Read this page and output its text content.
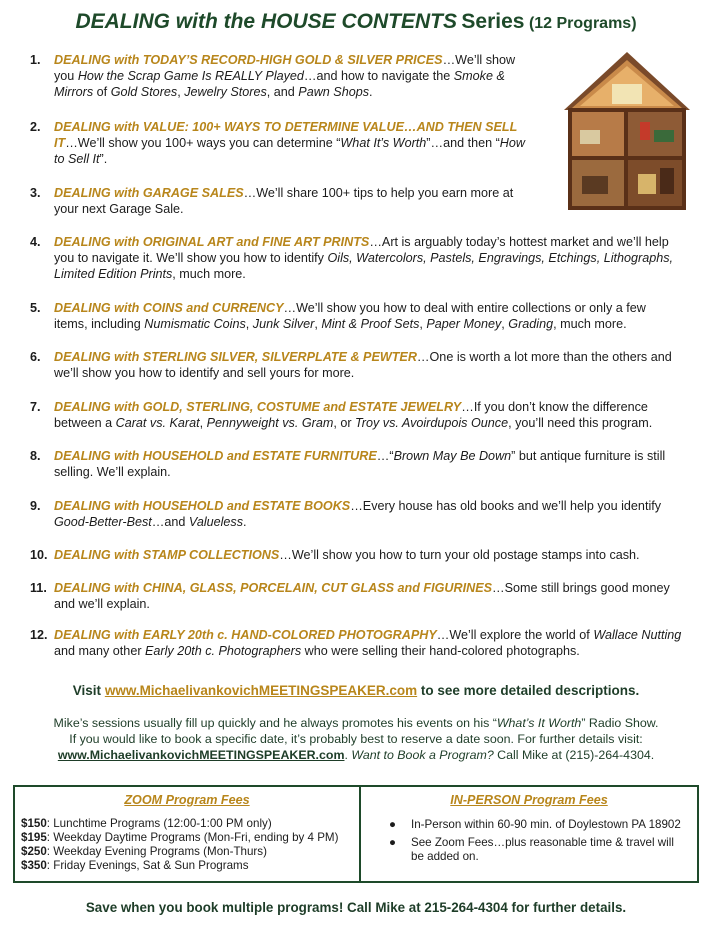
DEALING with the HOUSE CONTENTS Series (12 Programs)
1. DEALING with TODAY’S RECORD-HIGH GOLD & SILVER PRICES…We’ll show you How the Scrap Game Is REALLY Played…and how to navigate the Smoke & Mirrors of Gold Stores, Jewelry Stores, and Pawn Shops.
2. DEALING with VALUE: 100+ WAYS TO DETERMINE VALUE…AND THEN SELL IT…We’ll show you 100+ ways you can determine “What It’s Worth”…and then “How to Sell It”.
3. DEALING with GARAGE SALES…We’ll share 100+ tips to help you earn more at your next Garage Sale.
4. DEALING with ORIGINAL ART and FINE ART PRINTS…Art is arguably today’s hottest market and we’ll help you to navigate it. We’ll show you how to identify Oils, Watercolors, Pastels, Engravings, Etchings, Lithographs, Limited Edition Prints, much more.
5. DEALING with COINS and CURRENCY…We’ll show you how to deal with entire collections or only a few items, including Numismatic Coins, Junk Silver, Mint & Proof Sets, Paper Money, Grading, much more.
6. DEALING with STERLING SILVER, SILVERPLATE & PEWTER…One is worth a lot more than the others and we’ll show you how to identify and sell yours for more.
7. DEALING with GOLD, STERLING, COSTUME and ESTATE JEWELRY…If you don’t know the difference between a Carat vs. Karat, Pennyweight vs. Gram, or Troy vs. Avoirdupois Ounce, you’ll need this program.
8. DEALING with HOUSEHOLD and ESTATE FURNITURE…“Brown May Be Down” but antique furniture is still selling. We’ll explain.
9. DEALING with HOUSEHOLD and ESTATE BOOKS…Every house has old books and we’ll help you identify Good-Better-Best…and Valueless.
10. DEALING with STAMP COLLECTIONS…We’ll show you how to turn your old postage stamps into cash.
11. DEALING with CHINA, GLASS, PORCELAIN, CUT GLASS and FIGURINES…Some still brings good money and we’ll explain.
12. DEALING with EARLY 20th c. HAND-COLORED PHOTOGRAPHY…We’ll explore the world of Wallace Nutting and many other Early 20th c. Photographers who were selling their hand-colored photographs.
Visit www.MichaelivankovichMEETINGSPEAKER.com to see more detailed descriptions.
Mike’s sessions usually fill up quickly and he always promotes his events on his “What’s It Worth” Radio Show.
If you would like to book a specific date, it’s probably best to reserve a date soon. For further details visit:
www.MichaelivankovichMEETINGSPEAKER.com. Want to Book a Program? Call Mike at (215)-264-4304.
ZOOM Program Fees	IN-PERSON Program Fees
$150: Lunchtime Programs (12:00-1:00 PM only)
$195: Weekday Daytime Programs (Mon-Fri, ending by 4 PM)
$250: Weekday Evening Programs (Mon-Thurs)
$350: Friday Evenings, Sat & Sun Programs
● In-Person within 60-90 min. of Doylestown PA 18902
● See Zoom Fees…plus reasonable time & travel will be added on.
Save when you book multiple programs! Call Mike at 215-264-4304 for further details.
